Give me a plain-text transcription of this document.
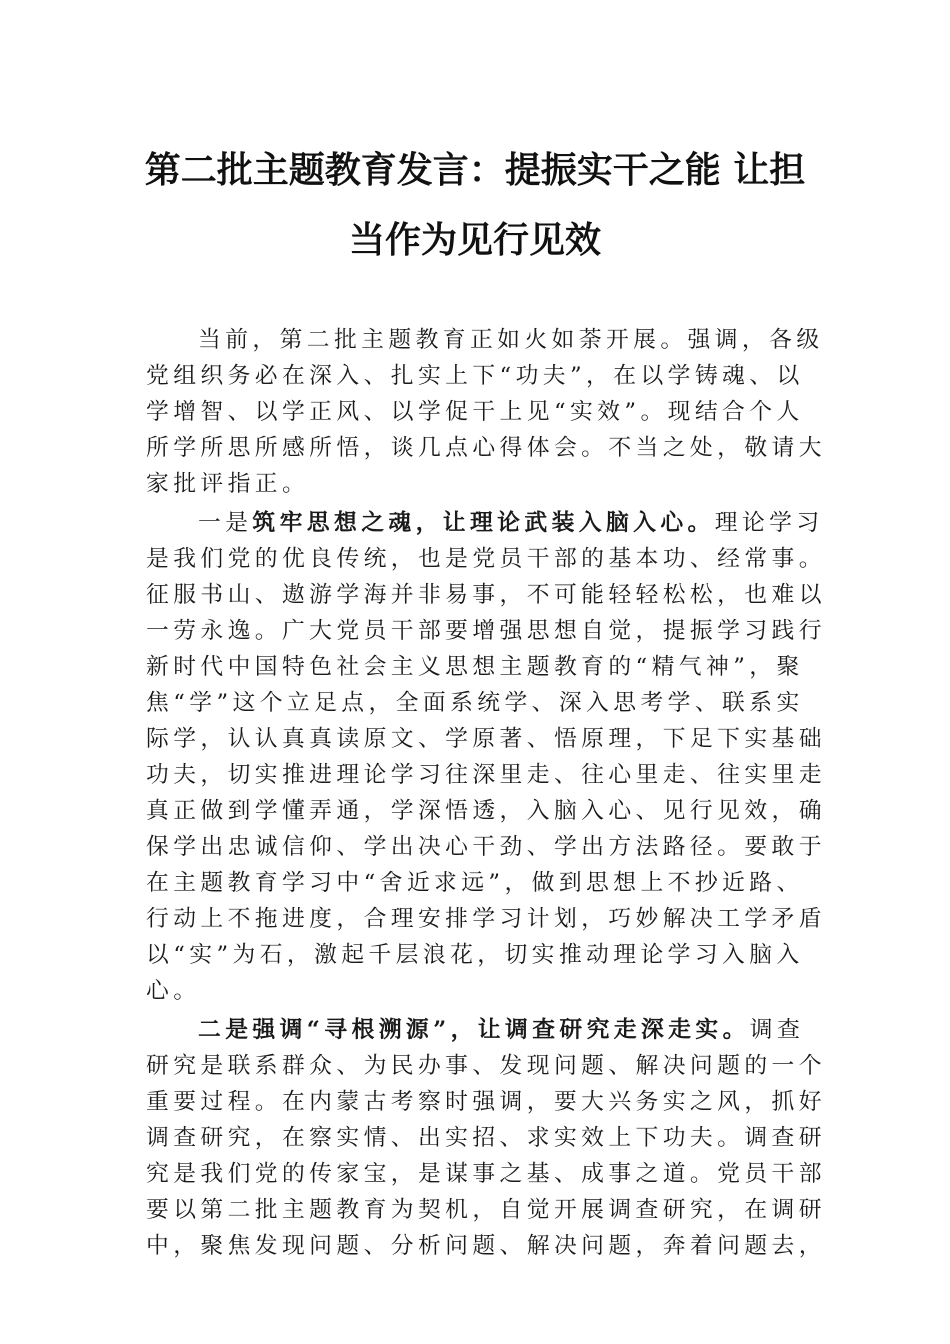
第二批主题教育发言：提振实干之能 让担
当作为见行见效

当前，第二批主题教育正如火如荼开展。强调，各级
党组织务必在深入、扎实上下“功夫”，在以学铸魂、以
学增智、以学正风、以学促干上见“实效”。现结合个人
所学所思所感所悟，谈几点心得体会。不当之处，敬请大
家批评指正。

一是筑牢思想之魂，让理论武装入脑入心。理论学习
是我们党的优良传统，也是党员干部的基本功、经常事。
征服书山、遨游学海并非易事，不可能轻轻松松，也难以
一劳永逸。广大党员干部要增强思想自觉，提振学习践行
新时代中国特色社会主义思想主题教育的“精气神”，聚
焦“学”这个立足点，全面系统学、深入思考学、联系实
际学，认认真真读原文、学原著、悟原理，下足下实基础
功夫，切实推进理论学习往深里走、往心里走、往实里走
真正做到学懂弄通，学深悟透，入脑入心、见行见效，确
保学出忠诚信仰、学出决心干劲、学出方法路径。要敢于
在主题教育学习中“舍近求远”，做到思想上不抄近路、
行动上不拖进度，合理安排学习计划，巧妙解决工学矛盾
以“实”为石，激起千层浪花，切实推动理论学习入脑入
心。

二是强调“寻根溯源”，让调查研究走深走实。调查
研究是联系群众、为民办事、发现问题、解决问题的一个
重要过程。在内蒙古考察时强调，要大兴务实之风，抓好
调查研究，在察实情、出实招、求实效上下功夫。调查研
究是我们党的传家宝，是谋事之基、成事之道。党员干部
要以第二批主题教育为契机，自觉开展调查研究，在调研
中，聚焦发现问题、分析问题、解决问题，奔着问题去，
